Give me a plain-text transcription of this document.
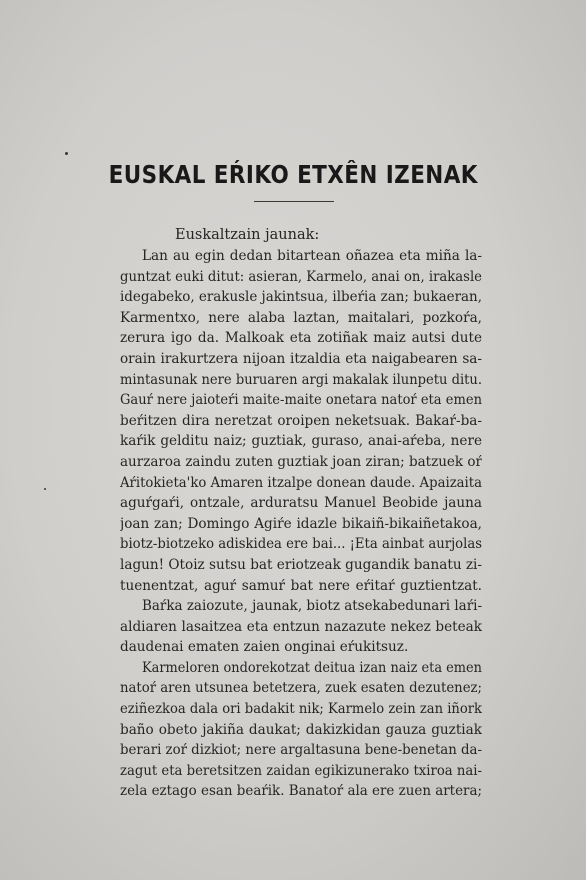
EUSKAL EŔIKO ETXÊN IZENAK
Euskaltzain jaunak:
Lan au egin dedan bitartean oñazea eta miña la-
guntzat euki ditut: asieran, Karmelo, anai on, irakasle
idegabeko, erakusle jakintsua, ilbeŕia zan; bukaeran,
Karmentxo, nere alaba laztan, maitalari, pozkoŕa,
zerura igo da. Malkoak eta zotiñak maiz autsi dute
orain irakurtzera nijoan itzaldia eta naigabearen sa-
mintasunak nere buruaren argi makalak ilunpetu ditu.
Gauŕ nere jaioteŕi maite-maite onetara natoŕ eta emen
beŕitzen dira neretzat oroipen neketsuak. Bakaŕ-ba-
kaŕik gelditu naiz; guztiak, guraso, anai-aŕeba, nere
aurzaroa zaindu zuten guztiak joan ziran; batzuek oŕ
Aŕitokieta'ko Amaren itzalpe donean daude. Apaizaita
aguŕgaŕi, ontzale, arduratsu Manuel Beobide jauna
joan zan; Domingo Agiŕe idazle bikaiñ-bikaiñetakoa,
biotz-biotzeko adiskidea ere bai... ¡Eta ainbat aurjolas
lagun! Otoiz sutsu bat eriotzeak gugandik banatu zi-
tuenentzat, aguŕ samuŕ bat nere eŕitaŕ guztientzat.
Baŕka zaiozute, jaunak, biotz atsekabedunari laŕi-
aldiaren lasaitzea eta entzun nazazute nekez beteak
daudenai ematen zaien onginai eŕukitsuz.
Karmeloren ondorekotzat deitua izan naiz eta emen
natoŕ aren utsunea betetzera, zuek esaten dezutenez;
eziñezkoa dala ori badakit nik; Karmelo zein zan iñork
baño obeto jakiña daukat; dakizkidan gauza guztiak
berari zoŕ dizkiot; nere argaltasuna bene-benetan da-
zagut eta beretsitzen zaidan egikizunerako txiroa nai-
zela eztago esan beaŕik. Banatoŕ ala ere zuen artera;
